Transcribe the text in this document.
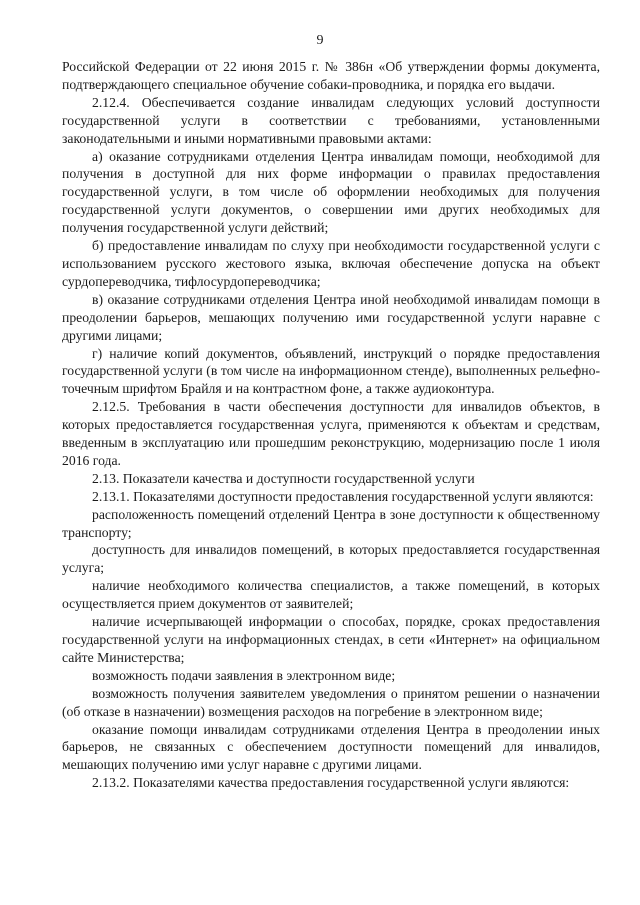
9

Российской Федерации от 22 июня 2015 г. № 386н «Об утверждении формы документа, подтверждающего специальное обучение собаки-проводника, и порядка его выдачи.

2.12.4. Обеспечивается создание инвалидам следующих условий доступности государственной услуги в соответствии с требованиями, установленными законодательными и иными нормативными правовыми актами:

а) оказание сотрудниками отделения Центра инвалидам помощи, необходимой для получения в доступной для них форме информации о правилах предоставления государственной услуги, в том числе об оформлении необходимых для получения государственной услуги документов, о совершении ими других необходимых для получения государственной услуги действий;

б) предоставление инвалидам по слуху при необходимости государственной услуги с использованием русского жестового языка, включая обеспечение допуска на объект сурдопереводчика, тифлосурдопереводчика;

в) оказание сотрудниками отделения Центра иной необходимой инвалидам помощи в преодолении барьеров, мешающих получению ими государственной услуги наравне с другими лицами;

г) наличие копий документов, объявлений, инструкций о порядке предоставления государственной услуги (в том числе на информационном стенде), выполненных рельефно-точечным шрифтом Брайля и на контрастном фоне, а также аудиоконтура.

2.12.5. Требования в части обеспечения доступности для инвалидов объектов, в которых предоставляется государственная услуга, применяются к объектам и средствам, введенным в эксплуатацию или прошедшим реконструкцию, модернизацию после 1 июля 2016 года.

2.13. Показатели качества и доступности государственной услуги

2.13.1. Показателями доступности предоставления государственной услуги являются:

расположенность помещений отделений Центра в зоне доступности к общественному транспорту;

доступность для инвалидов помещений, в которых предоставляется государственная услуга;

наличие необходимого количества специалистов, а также помещений, в которых осуществляется прием документов от заявителей;

наличие исчерпывающей информации о способах, порядке, сроках предоставления государственной услуги на информационных стендах, в сети «Интернет» на официальном сайте Министерства;

возможность подачи заявления в электронном виде;

возможность получения заявителем уведомления о принятом решении о назначении (об отказе в назначении) возмещения расходов на погребение в электронном виде;

оказание помощи инвалидам сотрудниками отделения Центра в преодолении иных барьеров, не связанных с обеспечением доступности помещений для инвалидов, мешающих получению ими услуг наравне с другими лицами.

2.13.2. Показателями качества предоставления государственной услуги являются:
